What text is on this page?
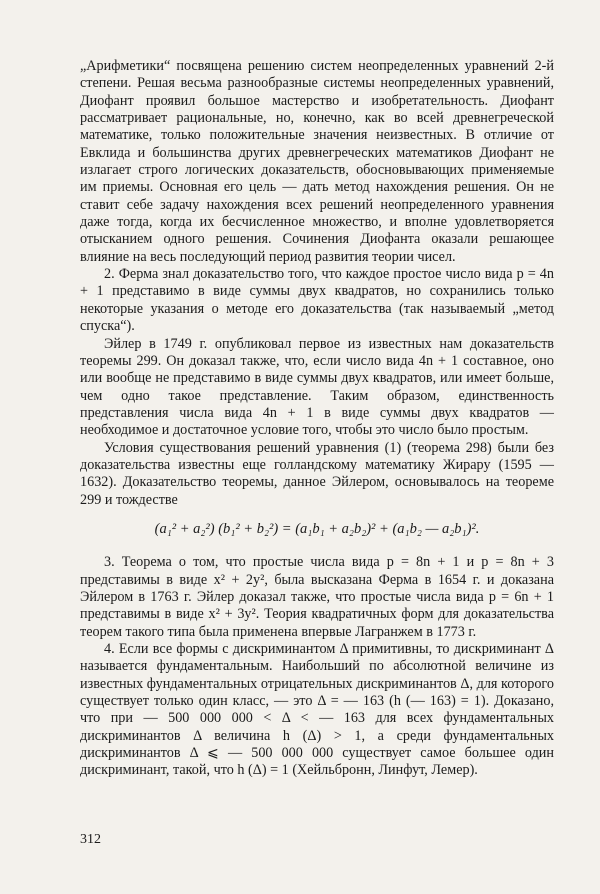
„Арифметики“ посвящена решению систем неопределенных уравнений 2-й степени. Решая весьма разнообразные системы неопределенных уравнений, Диофант проявил большое мастерство и изобретательность. Диофант рассматривает рациональные, но, конечно, как во всей древнегреческой математике, только положительные значения неизвестных. В отличие от Евклида и большинства других древнегреческих математиков Диофант не излагает строго логических доказательств, обосновывающих применяемые им приемы. Основная его цель — дать метод нахождения решения. Он не ставит себе задачу нахождения всех решений неопределенного уравнения даже тогда, когда их бесчисленное множество, и вполне удовлетворяется отысканием одного решения. Сочинения Диофанта оказали решающее влияние на весь последующий период развития теории чисел.

2. Ферма знал доказательство того, что каждое простое число вида p = 4n + 1 представимо в виде суммы двух квадратов, но сохранились только некоторые указания о методе его доказательства (так называемый „метод спуска“).

Эйлер в 1749 г. опубликовал первое из известных нам доказательств теоремы 299. Он доказал также, что, если число вида 4n + 1 составное, оно или вообще не представимо в виде суммы двух квадратов, или имеет больше, чем одно такое представление. Таким образом, единственность представления числа вида 4n + 1 в виде суммы двух квадратов — необходимое и достаточное условие того, чтобы это число было простым.

Условия существования решений уравнения (1) (теорема 298) были без доказательства известны еще голландскому математику Жирару (1595 — 1632). Доказательство теоремы, данное Эйлером, основывалось на теореме 299 и тождестве

(a₁² + a₂²) (b₁² + b₂²) = (a₁b₁ + a₂b₂)² + (a₁b₂ — a₂b₁)².

3. Теорема о том, что простые числа вида p = 8n + 1 и p = 8n + 3 представимы в виде x² + 2y², была высказана Ферма в 1654 г. и доказана Эйлером в 1763 г. Эйлер доказал также, что простые числа вида p = 6n + 1 представимы в виде x² + 3y². Теория квадратичных форм для доказательства теорем такого типа была применена впервые Лагранжем в 1773 г.

4. Если все формы с дискриминантом Δ примитивны, то дискриминант Δ называется фундаментальным. Наибольший по абсолютной величине из известных фундаментальных отрицательных дискриминантов Δ, для которого существует только один класс, — это Δ = — 163 (h (— 163) = 1). Доказано, что при — 500 000 000 < Δ < — 163 для всех фундаментальных дискриминантов Δ величина h (Δ) > 1, а среди фундаментальных дискриминантов Δ ⩽ — 500 000 000 существует самое большее один дискриминант, такой, что h (Δ) = 1 (Хейльбронн, Линфут, Лемер).

312
